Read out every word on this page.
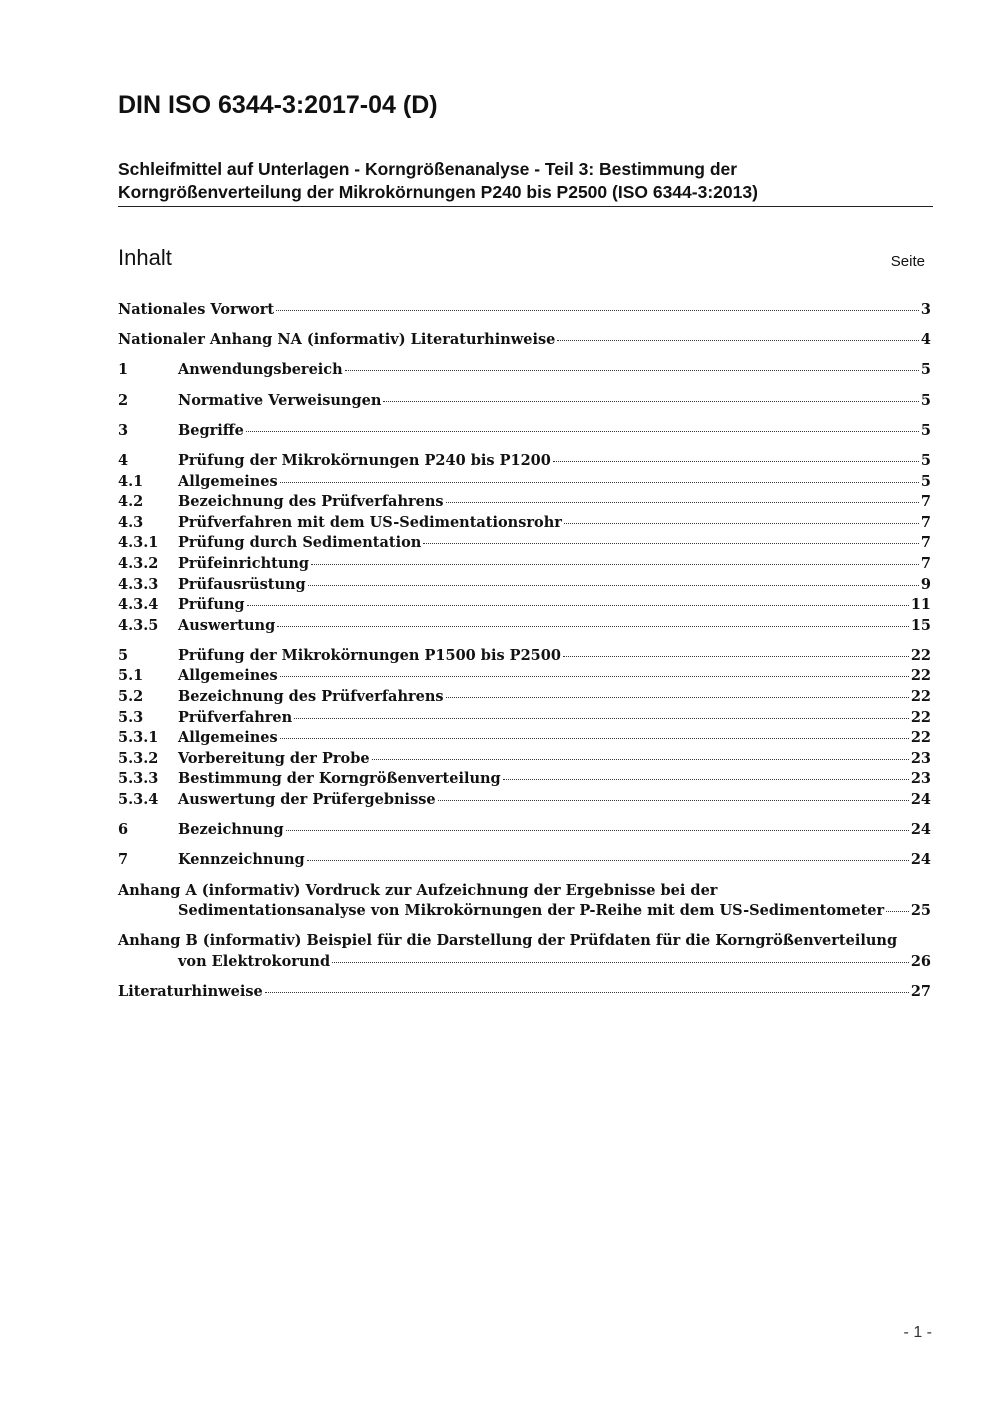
DIN ISO 6344-3:2017-04 (D)
Schleifmittel auf Unterlagen - Korngrößenanalyse - Teil 3: Bestimmung der
Korngrößenverteilung der Mikrokörnungen P240 bis P2500 (ISO 6344-3:2013)
Inhalt	Seite
Nationales Vorwort	3
Nationaler Anhang NA (informativ) Literaturhinweise	4
1	Anwendungsbereich	5
2	Normative Verweisungen	5
3	Begriffe	5
4	Prüfung der Mikrokörnungen P240 bis P1200	5
4.1	Allgemeines	5
4.2	Bezeichnung des Prüfverfahrens	7
4.3	Prüfverfahren mit dem US-Sedimentationsrohr	7
4.3.1	Prüfung durch Sedimentation	7
4.3.2	Prüfeinrichtung	7
4.3.3	Prüfausrüstung	9
4.3.4	Prüfung	11
4.3.5	Auswertung	15
5	Prüfung der Mikrokörnungen P1500 bis P2500	22
5.1	Allgemeines	22
5.2	Bezeichnung des Prüfverfahrens	22
5.3	Prüfverfahren	22
5.3.1	Allgemeines	22
5.3.2	Vorbereitung der Probe	23
5.3.3	Bestimmung der Korngrößenverteilung	23
5.3.4	Auswertung der Prüfergebnisse	24
6	Bezeichnung	24
7	Kennzeichnung	24
Anhang A (informativ) Vordruck zur Aufzeichnung der Ergebnisse bei der
Sedimentationsanalyse von Mikrokörnungen der P-Reihe mit dem US-Sedimentometer 25
Anhang B (informativ) Beispiel für die Darstellung der Prüfdaten für die Korngrößenverteilung
von Elektrokorund	26
Literaturhinweise	27
- 1 -
